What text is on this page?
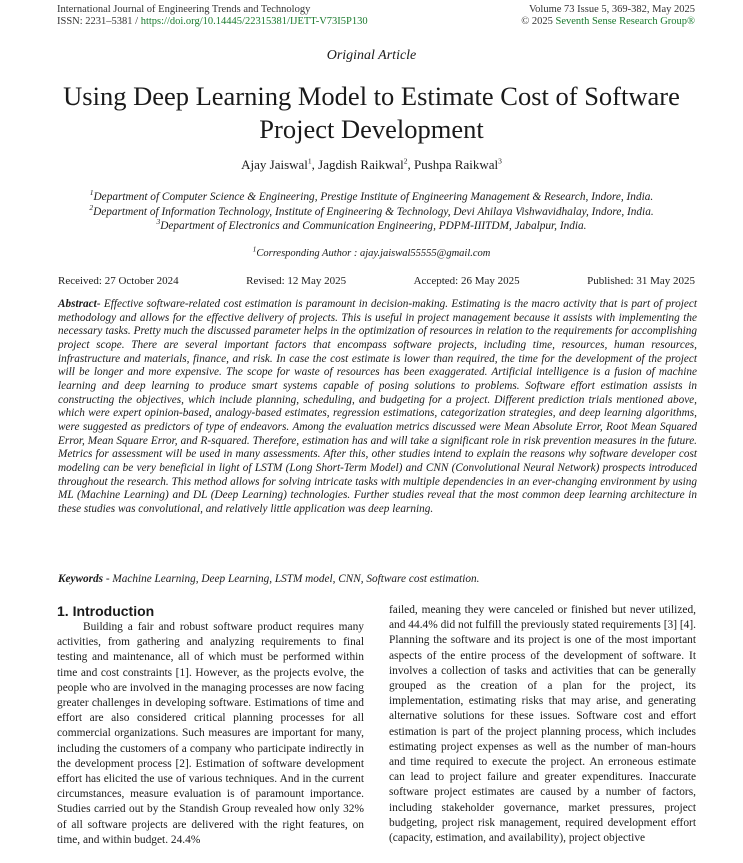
International Journal of Engineering Trends and Technology
ISSN: 2231–5381 / https://doi.org/10.14445/22315381/IJETT-V73I5P130
Volume 73 Issue 5, 369-382, May 2025
© 2025 Seventh Sense Research Group®
Original Article
Using Deep Learning Model to Estimate Cost of Software Project Development
Ajay Jaiswal$^1$, Jagdish Raikwal$^2$, Pushpa Raikwal$^3$
$^1$Department of Computer Science & Engineering, Prestige Institute of Engineering Management & Research, Indore, India.
$^2$Department of Information Technology, Institute of Engineering & Technology, Devi Ahilaya Vishwavidhalay, Indore, India.
$^3$Department of Electronics and Communication Engineering, PDPM-IIITDM, Jabalpur, India.
$^1$Corresponding Author : ajay.jaiswal55555@gmail.com
Received: 27 October 2024	Revised: 12 May 2025	Accepted: 26 May 2025	Published: 31 May 2025

Abstract- Effective software-related cost estimation is paramount in decision-making. Estimating is the macro activity that is part of project methodology and allows for the effective delivery of projects. This is useful in project management because it assists with implementing the necessary tasks. Pretty much the discussed parameter helps in the optimization of resources in relation to the requirements for accomplishing project scope. There are several important factors that encompass software projects, including time, resources, human resources, infrastructure and materials, finance, and risk. In case the cost estimate is lower than required, the time for the development of the project will be longer and more expensive. The scope for waste of resources has been exaggerated. Artificial intelligence is a fusion of machine learning and deep learning to produce smart systems capable of posing solutions to problems. Software effort estimation assists in constructing the objectives, which include planning, scheduling, and budgeting for a project. Different prediction trials mentioned above, which were expert opinion-based, analogy-based estimates, regression estimations, categorization strategies, and deep learning algorithms, were suggested as predictors of type of endeavors. Among the evaluation metrics discussed were Mean Absolute Error, Root Mean Squared Error, Mean Square Error, and R-squared. Therefore, estimation has and will take a significant role in risk prevention measures in the future. Metrics for assessment will be used in many assessments. After this, other studies intend to explain the reasons why software developer cost modeling can be very beneficial in light of LSTM (Long Short-Term Model) and CNN (Convolutional Neural Network) prospects introduced throughout the research. This method allows for solving intricate tasks with multiple dependencies in an ever-changing environment by using ML (Machine Learning) and DL (Deep Learning) technologies. Further studies reveal that the most common deep learning architecture in these studies was convolutional, and relatively little application was deep learning.

Keywords - Machine Learning, Deep Learning, LSTM model, CNN, Software cost estimation.
1. Introduction

Building a fair and robust software product requires many activities, from gathering and analyzing requirements to final testing and maintenance, all of which must be performed within time and cost constraints [1]. However, as the projects evolve, the people who are involved in the managing processes are now facing greater challenges in developing software. Estimations of time and effort are also considered critical planning processes for all commercial organizations. Such measures are important for many, including the customers of a company who participate indirectly in the development process [2]. Estimation of software development effort has elicited the use of various techniques. And in the current circumstances, measure evaluation is of paramount importance. Studies carried out by the Standish Group revealed how only 32% of all software projects are delivered with the right features, on time, and within budget. 24.4%

failed, meaning they were canceled or finished but never utilized, and 44.4% did not fulfill the previously stated requirements [3] [4]. Planning the software and its project is one of the most important aspects of the entire process of the development of software. It involves a collection of tasks and activities that can be generally grouped as the creation of a plan for the project, its implementation, estimating risks that may arise, and generating alternative solutions for these issues. Software cost and effort estimation is part of the project planning process, which includes estimating project expenses as well as the number of man-hours and time required to execute the project. An erroneous estimate can lead to project failure and greater expenditures. Inaccurate software project estimates are caused by a number of factors, including stakeholder governance, market pressures, project budgeting, project risk management, required development effort (capacity, estimation, and availability), project objective
